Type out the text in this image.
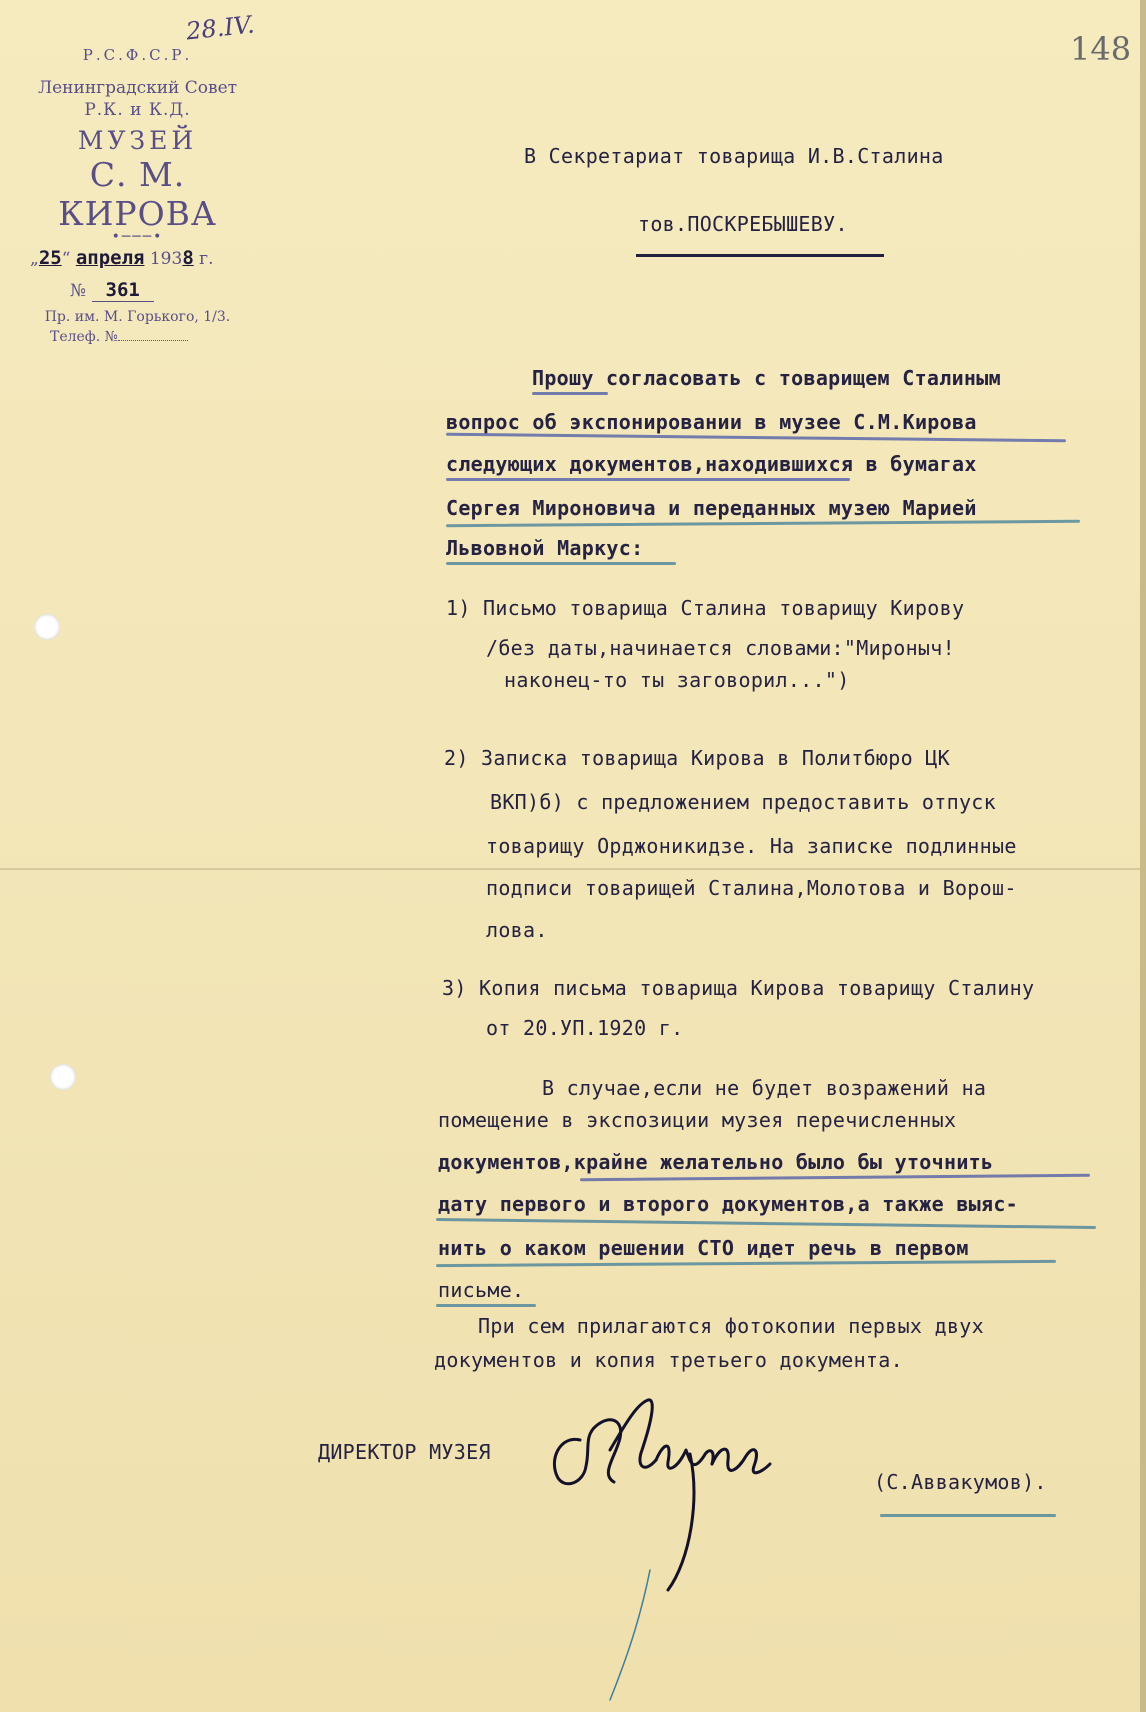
148
28.IV.
Р.С.Ф.С.Р.
Ленинградский Совет
Р.К. и К.Д.
МУЗЕЙ
С. М. КИРОВА
•───•
„25“ апреля 1938 г.
№ 361
Пр. им. М. Горького, 1/3.
Телеф. №
В Секретариат товарища И.В.Сталина
тов.ПОСКРЕБЫШЕВУ.
Прошу согласовать с товарищем Сталиным
вопрос об экспонировании в музее С.М.Кирова
следующих документов,находившихся в бумагах
Сергея Мироновича и переданных музею Марией
Львовной Маркус:
1) Письмо товарища Сталина товарищу Кирову
/без даты,начинается словами:"Мироныч!
наконец-то ты заговорил...")
2) Записка товарища Кирова в Политбюро ЦК
ВКП)б) с предложением предоставить отпуск
товарищу Орджоникидзе. На записке подлинные
подписи товарищей Сталина,Молотова и Ворош-
лова.
3) Копия письма товарища Кирова товарищу Сталину
от 20.УП.1920 г.
В случае,если не будет возражений на
помещение в экспозиции музея перечисленных
документов,крайне желательно было бы уточнить
дату первого и второго документов,а также выяс-
нить о каком решении СТО идет речь в первом
письме.
При сем прилагаются фотокопии первых двух
документов и копия третьего документа.
ДИРЕКТОР МУЗЕЯ
(С.Аввакумов).
